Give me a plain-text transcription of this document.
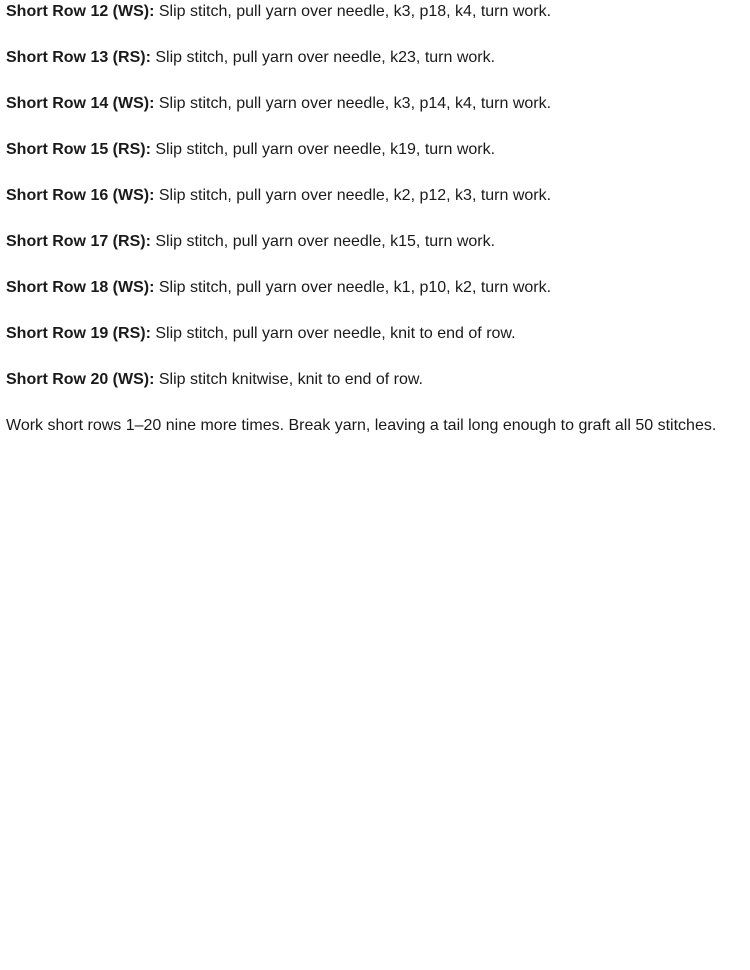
Short Row 12 (WS): Slip stitch, pull yarn over needle, k3, p18, k4, turn work.

Short Row 13 (RS): Slip stitch, pull yarn over needle, k23, turn work.

Short Row 14 (WS): Slip stitch, pull yarn over needle, k3, p14, k4, turn work.

Short Row 15 (RS): Slip stitch, pull yarn over needle, k19, turn work.

Short Row 16 (WS): Slip stitch, pull yarn over needle, k2, p12, k3, turn work.

Short Row 17 (RS): Slip stitch, pull yarn over needle, k15, turn work.

Short Row 18 (WS): Slip stitch, pull yarn over needle, k1, p10, k2, turn work.

Short Row 19 (RS): Slip stitch, pull yarn over needle, knit to end of row.

Short Row 20 (WS): Slip stitch knitwise, knit to end of row.

Work short rows 1–20 nine more times. Break yarn, leaving a tail long enough to graft all 50 stitches.
